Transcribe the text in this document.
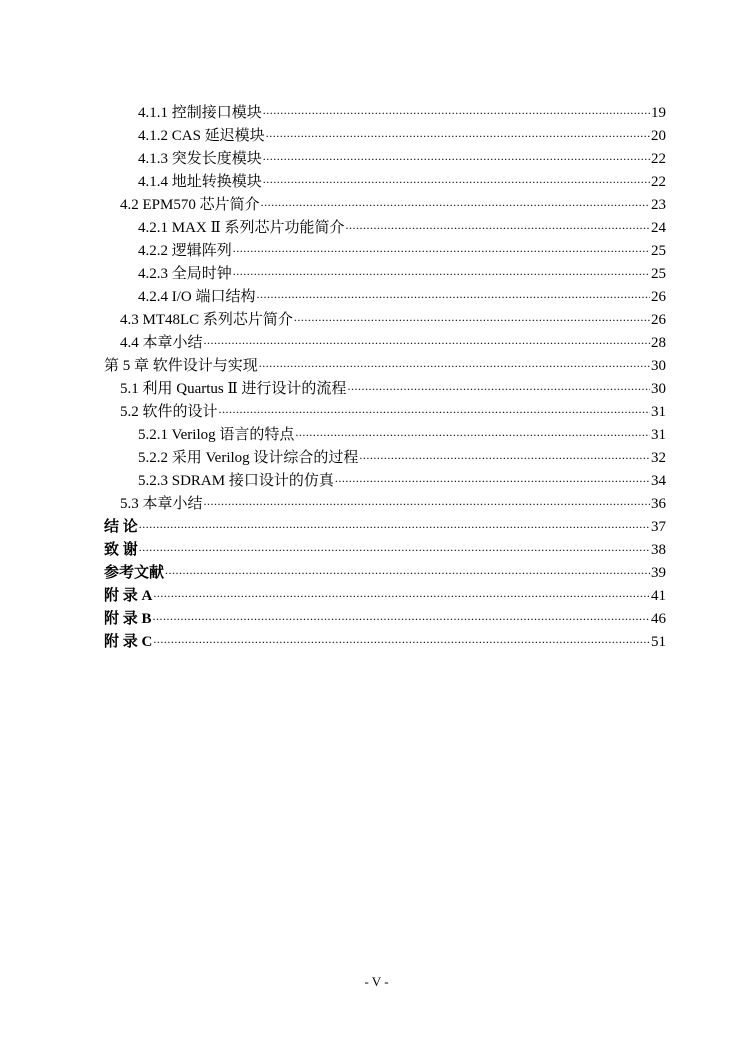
4.1.1 控制接口模块 .....	19
4.1.2 CAS 延迟模块 .....	20
4.1.3 突发长度模块 .....	22
4.1.4 地址转换模块 .....	22
4.2 EPM570 芯片简介 .....	23
4.2.1 MAX Ⅱ 系列芯片功能简介 .....	24
4.2.2 逻辑阵列 .....	25
4.2.3 全局时钟 .....	25
4.2.4 I/O 端口结构 .....	26
4.3 MT48LC 系列芯片简介 .....	26
4.4 本章小结 .....	28
第 5 章 软件设计与实现 .....	30
5.1 利用 Quartus Ⅱ 进行设计的流程 .....	30
5.2 软件的设计 .....	31
5.2.1 Verilog 语言的特点 .....	31
5.2.2 采用 Verilog 设计综合的过程 .....	32
5.2.3 SDRAM 接口设计的仿真 .....	34
5.3 本章小结 .....	36
结 论 .....	37
致 谢 .....	38
参考文献 .....	39
附 录 A .....	41
附 录 B .....	46
附 录 C .....	51
- V -
